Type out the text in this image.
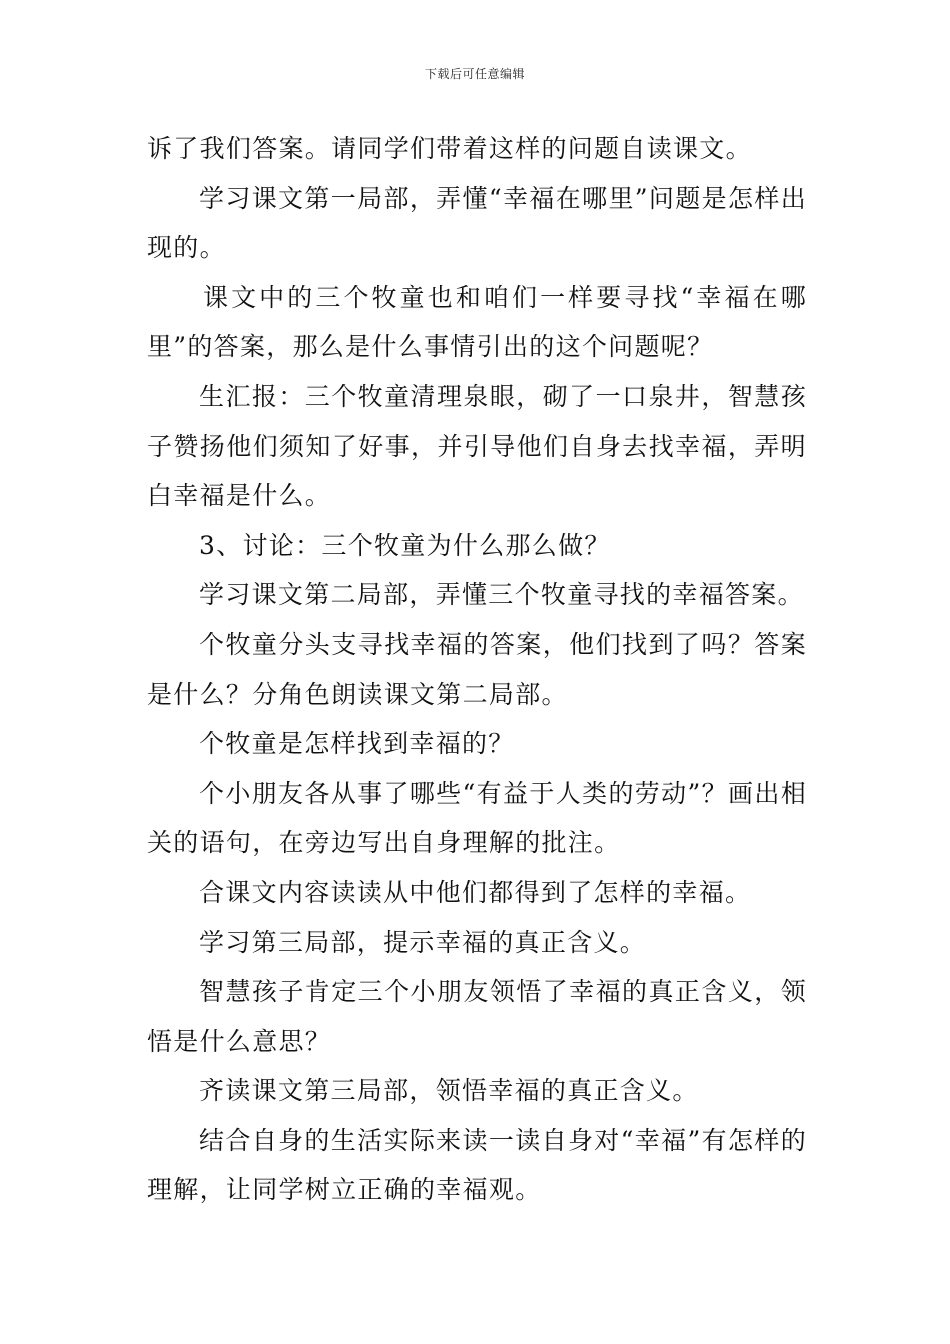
下载后可任意编辑

诉了我们答案。请同学们带着这样的问题自读课文。

学习课文第一局部，弄懂“幸福在哪里”问题是怎样出现的。

课文中的三个牧童也和咱们一样要寻找“幸福在哪里”的答案，那么是什么事情引出的这个问题呢？

生汇报：三个牧童清理泉眼，砌了一口泉井，智慧孩子赞扬他们须知了好事，并引导他们自身去找幸福，弄明白幸福是什么。

3、讨论：三个牧童为什么那么做？

学习课文第二局部，弄懂三个牧童寻找的幸福答案。

个牧童分头支寻找幸福的答案，他们找到了吗？答案是什么？分角色朗读课文第二局部。

个牧童是怎样找到幸福的？

个小朋友各从事了哪些“有益于人类的劳动”？画出相关的语句，在旁边写出自身理解的批注。

合课文内容读读从中他们都得到了怎样的幸福。

学习第三局部，提示幸福的真正含义。

智慧孩子肯定三个小朋友领悟了幸福的真正含义，领悟是什么意思？

齐读课文第三局部，领悟幸福的真正含义。

结合自身的生活实际来读一读自身对“幸福”有怎样的理解，让同学树立正确的幸福观。
